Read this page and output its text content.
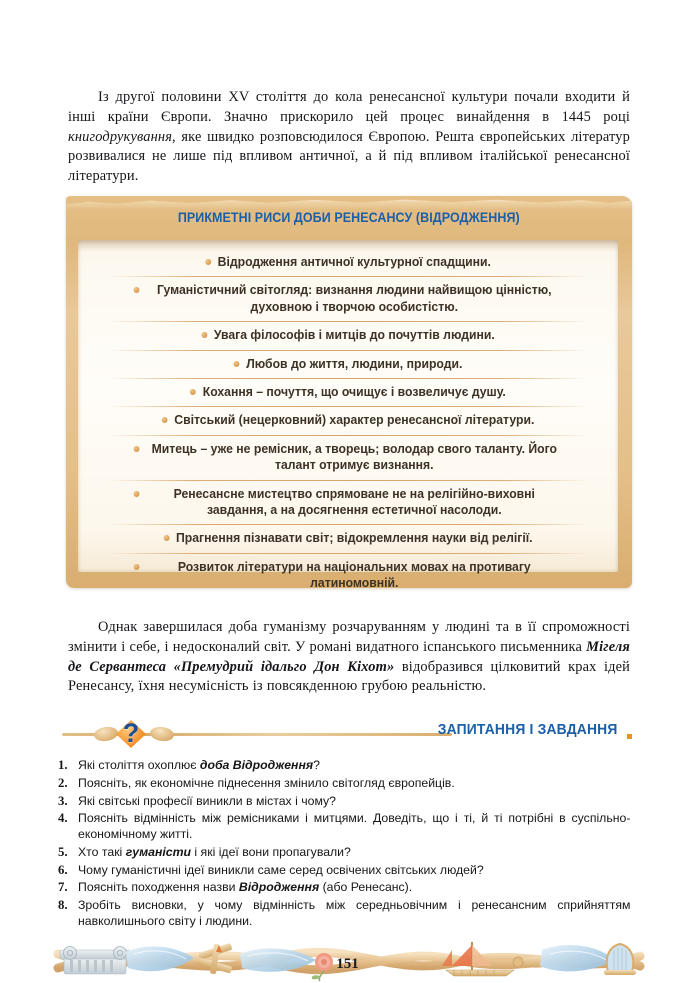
Із другої половини XV століття до кола ренесансної культури почали входити й інші країни Європи. Значно прискорило цей процес винайдення в 1445 році книгодрукування, яке швидко розповсюдилося Європою. Решта європейських літератур розвивалися не лише під впливом античної, а й під впливом італійської ренесансної літератури.

ПРИКМЕТНІ РИСИ ДОБИ РЕНЕСАНСУ (ВІДРОДЖЕННЯ)
Відродження античної культурної спадщини.
Гуманістичний світогляд: визнання людини найвищою цінністю, духовною і творчою особистістю.
Увага філософів і митців до почуттів людини.
Любов до життя, людини, природи.
Кохання – почуття, що очищує і возвеличує душу.
Світський (нецерковний) характер ренесансної літератури.
Митець – уже не ремісник, а творець; володар свого таланту. Його талант отримує визнання.
Ренесансне мистецтво спрямоване не на релігійно-виховні завдання, а на досягнення естетичної насолоди.
Прагнення пізнавати світ; відокремлення науки від релігії.
Розвиток літератури на національних мовах на противагу латиномовній.

Однак завершилася доба гуманізму розчаруванням у людині та в її спроможності змінити і себе, і недосконалий світ. У романі видатного іспанського письменника Мігеля де Сервантеса «Премудрий ідальго Дон Кіхот» відобразився цілковитий крах ідей Ренесансу, їхня несумісність із повсякденною грубою реальністю.

?	ЗАПИТАННЯ І ЗАВДАННЯ
1. Які століття охоплює доба Відродження?
2. Поясніть, як економічне піднесення змінило світогляд європейців.
3. Які світські професії виникли в містах і чому?
4. Поясніть відмінність між ремісниками і митцями. Доведіть, що і ті, й ті потрібні в суспільно-економічному житті.
5. Хто такі гуманісти і які ідеї вони пропагували?
6. Чому гуманістичні ідеї виникли саме серед освічених світських людей?
7. Поясніть походження назви Відродження (або Ренесанс).
8. Зробіть висновки, у чому відмінність між середньовічним і ренесансним сприйняттям навколишнього світу і людини.
151
